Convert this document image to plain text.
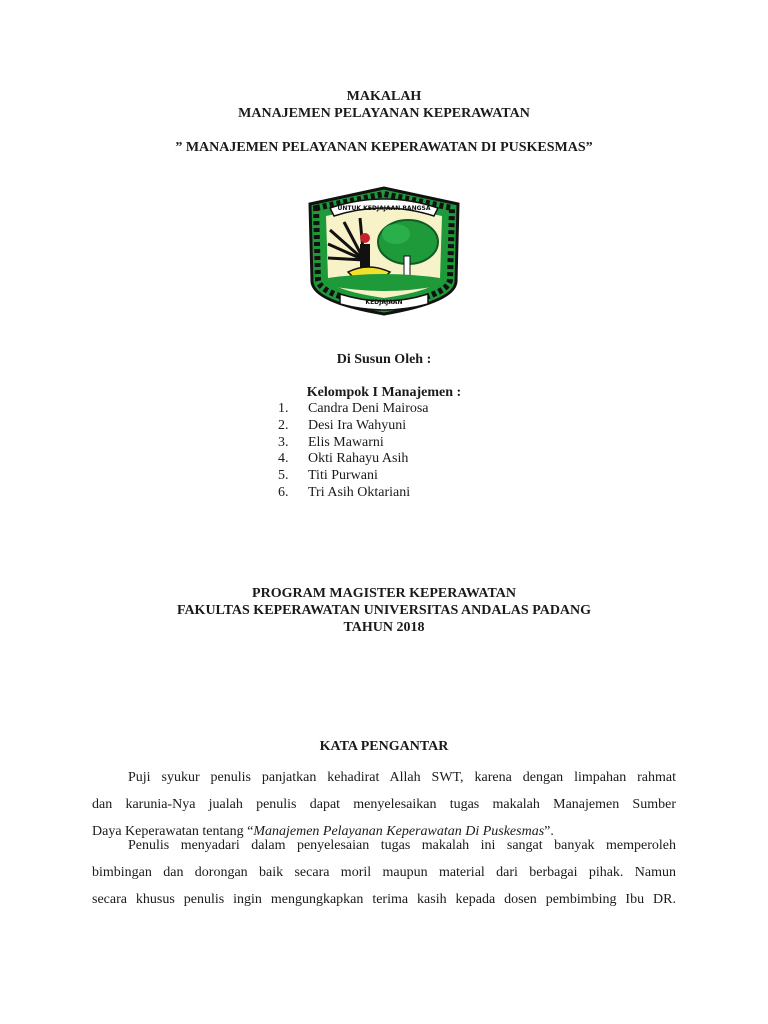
MAKALAH
MANAJEMEN PELAYANAN KEPERAWATAN
” MANAJEMEN PELAYANAN KEPERAWATAN DI PUSKESMAS”
UNTUK KEDJAJAAN BANGSA
KEDJAJAAN
Di Susun Oleh :
Kelompok I Manajemen :
1.	Candra Deni Mairosa
2.	Desi Ira Wahyuni
3.	Elis Mawarni
4.	Okti Rahayu Asih
5.	Titi Purwani
6.	Tri Asih Oktariani
PROGRAM MAGISTER KEPERAWATAN
FAKULTAS KEPERAWATAN UNIVERSITAS ANDALAS PADANG
TAHUN 2018
KATA PENGANTAR
Puji syukur penulis panjatkan kehadirat Allah SWT, karena dengan limpahan rahmat
dan karunia-Nya jualah penulis dapat menyelesaikan tugas makalah Manajemen Sumber
Daya Keperawatan tentang “Manajemen Pelayanan Keperawatan Di Puskesmas”.
Penulis menyadari dalam penyelesaian tugas makalah ini sangat banyak memperoleh
bimbingan dan dorongan baik secara moril maupun material dari berbagai pihak. Namun
secara khusus penulis ingin mengungkapkan terima kasih kepada dosen pembimbing Ibu DR.
